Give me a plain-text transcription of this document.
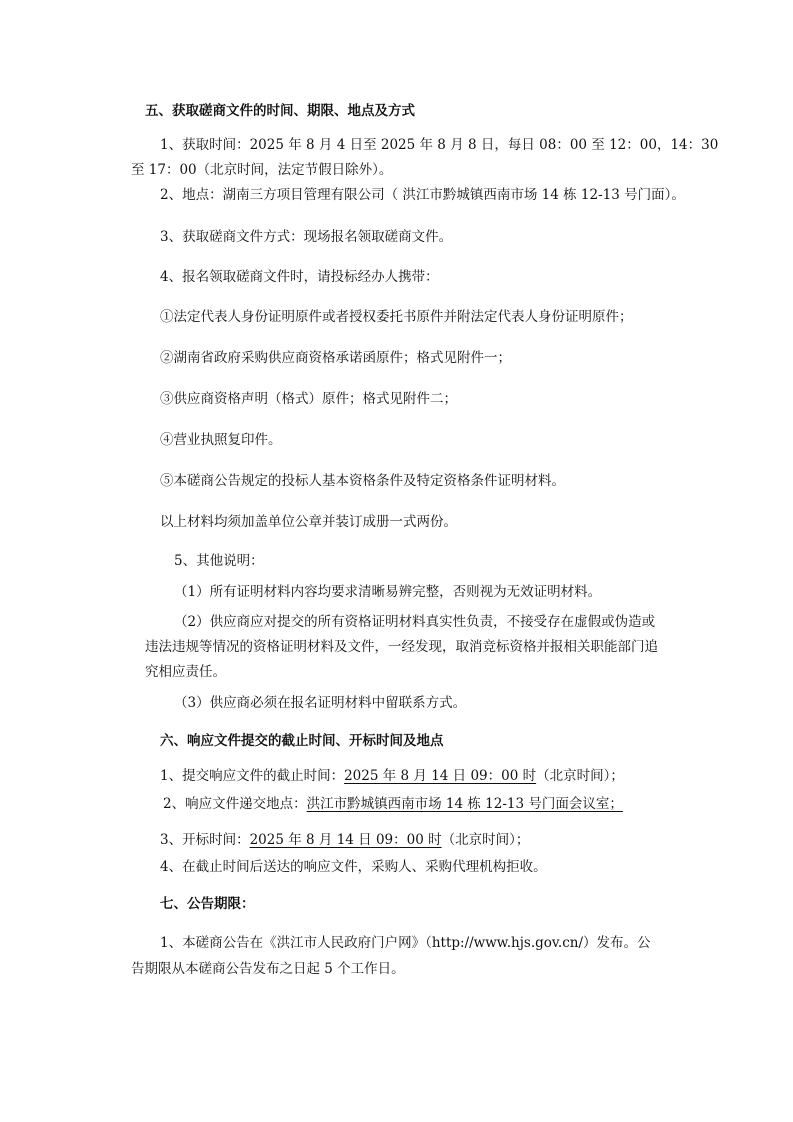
五、获取磋商文件的时间、期限、地点及方式
1、获取时间：2025 年 8 月 4 日至 2025 年 8 月 8 日，每日 08：00 至 12：00，14：30
至 17：00（北京时间，法定节假日除外）。
2、地点：湖南三方项目管理有限公司（ 洪江市黔城镇西南市场 14 栋 12-13 号门面）。
3、获取磋商文件方式：现场报名领取磋商文件。
4、报名领取磋商文件时，请投标经办人携带：
①法定代表人身份证明原件或者授权委托书原件并附法定代表人身份证明原件；
②湖南省政府采购供应商资格承诺函原件；格式见附件一；
③供应商资格声明（格式）原件；格式见附件二；
④营业执照复印件。
⑤本磋商公告规定的投标人基本资格条件及特定资格条件证明材料。
以上材料均须加盖单位公章并装订成册一式两份。
5、其他说明：
（1）所有证明材料内容均要求清晰易辨完整，否则视为无效证明材料。
（2）供应商应对提交的所有资格证明材料真实性负责，不接受存在虚假或伪造或
违法违规等情况的资格证明材料及文件，一经发现，取消竞标资格并报相关职能部门追
究相应责任。
（3）供应商必须在报名证明材料中留联系方式。
六、响应文件提交的截止时间、开标时间及地点
1、提交响应文件的截止时间：2025 年 8 月 14 日 09：00 时（北京时间）；
2、响应文件递交地点：洪江市黔城镇西南市场 14 栋 12-13 号门面会议室；
3、开标时间：2025 年 8 月 14 日 09：00 时（北京时间）；
4、在截止时间后送达的响应文件，采购人、采购代理机构拒收。
七、公告期限：
1、本磋商公告在《洪江市人民政府门户网》（http://www.hjs.gov.cn/）发布。公
告期限从本磋商公告发布之日起 5 个工作日。
